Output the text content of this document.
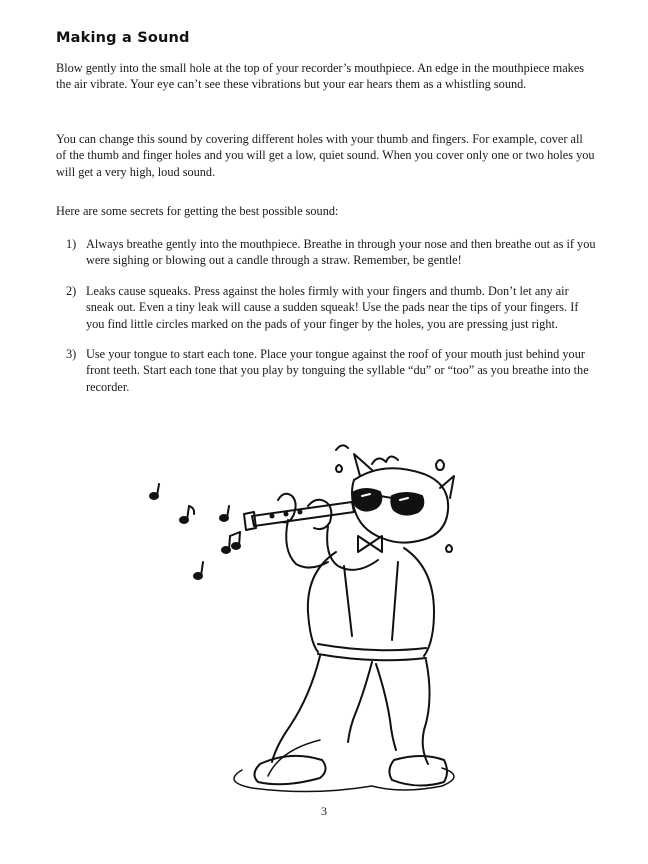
Making a Sound

Blow gently into the small hole at the top of your recorder’s mouthpiece. An edge in the mouthpiece makes the air vibrate. Your eye can’t see these vibrations but your ear hears them as a whistling sound.

You can change this sound by covering different holes with your thumb and fingers. For example, cover all of the thumb and finger holes and you will get a low, quiet sound. When you cover only one or two holes you will get a very high, loud sound.

Here are some secrets for getting the best possible sound:

1) Always breathe gently into the mouthpiece. Breathe in through your nose and then breathe out as if you were sighing or blowing out a candle through a straw. Remember, be gentle!
2) Leaks cause squeaks. Press against the holes firmly with your fingers and thumb. Don’t let any air sneak out. Even a tiny leak will cause a sudden squeak! Use the pads near the tips of your fingers. If you find little circles marked on the pads of your finger by the holes, you are pressing just right.
3) Use your tongue to start each tone. Place your tongue against the roof of your mouth just behind your front teeth. Start each tone that you play by tonguing the syllable “du” or “too” as you breathe into the recorder.
3
